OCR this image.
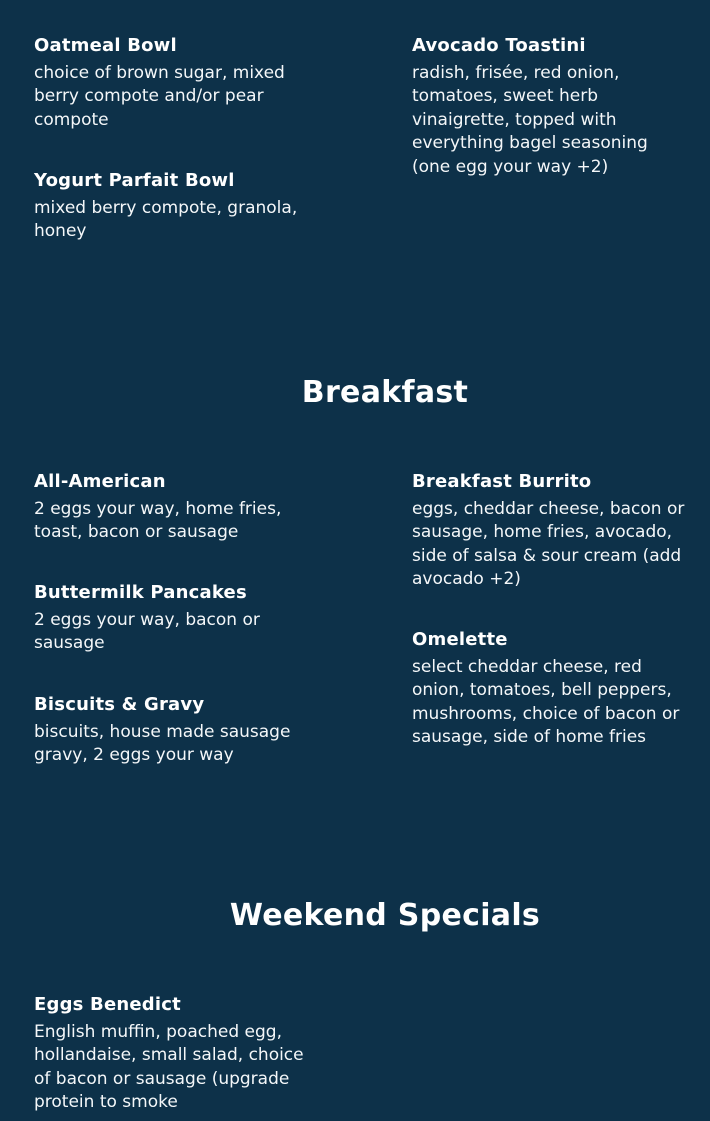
Oatmeal Bowl

choice of brown sugar, mixed berry compote and/or pear compote

Avocado Toastini

radish, frisée, red onion, tomatoes, sweet herb vinaigrette, topped with everything bagel seasoning (one egg your way +2)

Yogurt Parfait Bowl

mixed berry compote, granola, honey

Breakfast
All-American

2 eggs your way, home fries, toast, bacon or sausage

Breakfast Burrito

eggs, cheddar cheese, bacon or sausage, home fries, avocado, side of salsa & sour cream (add avocado +2)

Buttermilk Pancakes

2 eggs your way, bacon or sausage	Omelette

select cheddar cheese, red onion, tomatoes, bell peppers, mushrooms, choice of bacon or sausage, side of home fries

Biscuits & Gravy

biscuits, house made sausage gravy, 2 eggs your way

Weekend Specials
Eggs Benedict

English muffin, poached egg, hollandaise, small salad, choice of bacon or sausage (upgrade protein to smoke
